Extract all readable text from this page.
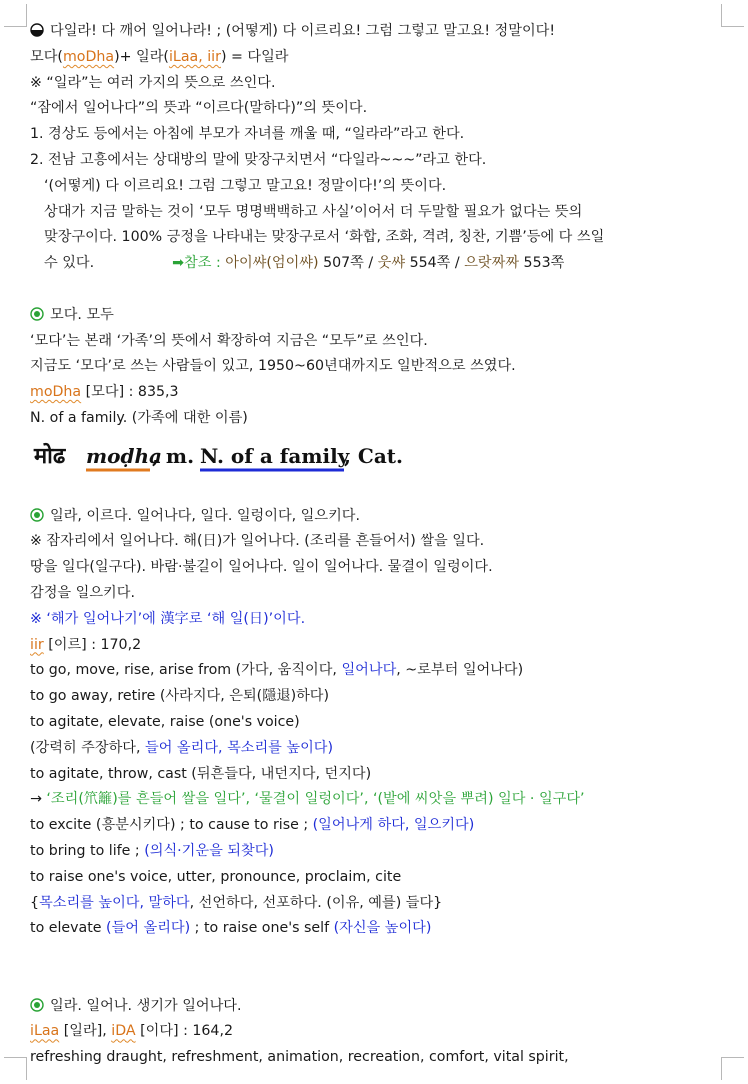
다일라! 다 깨어 일어나라! ; (어떻게) 다 이르리요! 그럼 그렇고 말고요! 정말이다!
모다(moDha)+ 일라(iLaa, iir) = 다일라
※ “일라”는 여러 가지의 뜻으로 쓰인다.
“잠에서 일어나다”의 뜻과 “이르다(말하다)”의 뜻이다.
1. 경상도 등에서는 아침에 부모가 자녀를 깨울 때, “일라라”라고 한다.
2. 전남 고흥에서는 상대방의 말에 맞장구치면서 “다일라~~~”라고 한다.
‘(어떻게) 다 이르리요! 그럼 그렇고 말고요! 정말이다!’의 뜻이다.
상대가 지금 말하는 것이 ‘모두 명명백백하고 사실’이어서 더 두말할 필요가 없다는 뜻의
맞장구이다. 100% 긍정을 나타내는 맞장구로서 ‘화합, 조화, 격려, 칭찬, 기쁨’등에 다 쓰일
수 있다.	➡참조 : 아이쌰(엄이쌰) 507쪽 / 웃쌰 554쪽 / 으랏짜짜 553쪽
모다. 모두
‘모다’는 본래 ‘가족’의 뜻에서 확장하여 지금은 “모두”로 쓰인다.
지금도 ‘모다’로 쓰는 사람들이 있고, 1950~60년대까지도 일반적으로 쓰였다.
moDha [모다] : 835,3
N. of a family. (가족에 대한 이름)
मोढ moḍha
, m. N. of a family
, Cat.
일라, 이르다. 일어나다, 일다. 일렁이다, 일으키다.
※ 잠자리에서 일어나다. 해(日)가 일어나다. (조리를 흔들어서) 쌀을 일다.
땅을 일다(일구다). 바람·불길이 일어나다. 일이 일어나다. 물결이 일렁이다.
감정을 일으키다.
※ ‘해가 일어나기’에 漢字로 ‘해 일(日)’이다.
iir [이르] : 170,2
to go, move, rise, arise from (가다, 움직이다, 일어나다, ~로부터 일어나다)
to go away, retire (사라지다, 은퇴(隱退)하다)
to agitate, elevate, raise (one's voice)
(강력히 주장하다, 들어 올리다, 목소리를 높이다)
to agitate, throw, cast (뒤흔들다, 내던지다, 던지다)
→ ‘조리(笊籬)를 흔들어 쌀을 일다’, ‘물결이 일렁이다’, ‘(밭에 씨앗을 뿌려) 일다 · 일구다’
to excite (흥분시키다) ; to cause to rise ; (일어나게 하다, 일으키다)
to bring to life ; (의식·기운을 되찾다)
to raise one's voice, utter, pronounce, proclaim, cite
{목소리를 높이다, 말하다, 선언하다, 선포하다. (이유, 예를) 들다}
to elevate (들어 올리다) ; to raise one's self (자신을 높이다)
일라. 일어나. 생기가 일어나다.
iLaa [일라], iDA [이다] : 164,2
refreshing draught, refreshment, animation, recreation, comfort, vital spirit,
